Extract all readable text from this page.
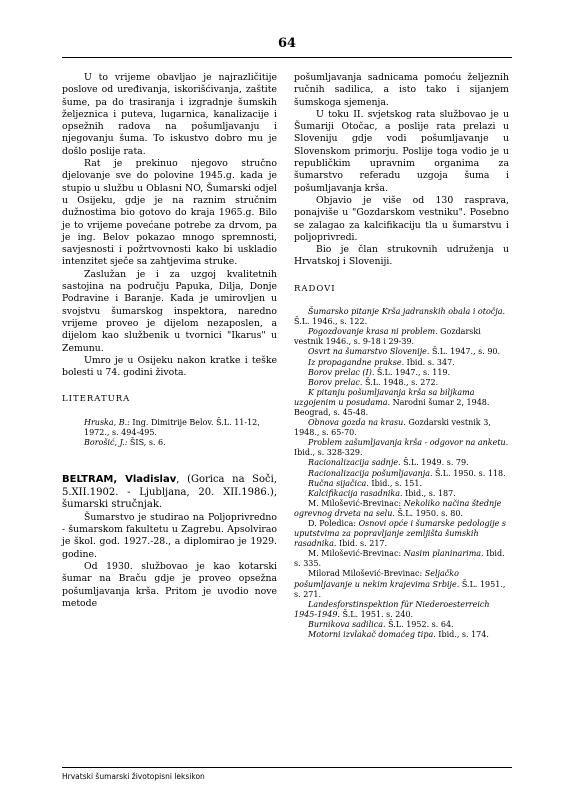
64

U to vrijeme obavljao je najrazličitije poslove od uređivanja, iskorišćivanja, zaštite šume, pa do trasiranja i izgradnje šumskih željeznica i puteva, lugarnica, kanalizacije i opsežnih radova na pošumljavanju i njegovanju šuma. To iskustvo dobro mu je došlo poslije rata.

Rat je prekinuo njegovo stručno djelovanje sve do polovine 1945.g. kada je stupio u službu u Oblasni NO, Šumarski odjel u Osijeku, gdje je na raznim stručnim dužnostima bio gotovo do kraja 1965.g. Bilo je to vrijeme povećane potrebe za drvom, pa je ing. Belov pokazao mnogo spremnosti, savjesnosti i požrtvovnosti kako bi uskladio intenzitet sječe sa zahtjevima struke.

Zaslužan je i za uzgoj kvalitetnih sastojina na području Papuka, Dilja, Donje Podravine i Baranje. Kada je umirovljen u svojstvu šumarskog inspektora, naredno vrijeme proveo je dijelom nezaposlen, a dijelom kao službenik u tvornici "Ikarus" u Zemunu.

Umro je u Osijeku nakon kratke i teške bolesti u 74. godini života.

LITERATURA

Hruska, B.: Ing. Dimitrije Belov. Š.L. 11-12, 1972., s. 494-495.

Borošić, J.: ŠIS, s. 6.

BELTRAM, Vladislav, (Gorica na Soči, 5.XII.1902. - Ljubljana, 20. XII.1986.), šumarski stručnjak.

Šumarstvo je studirao na Poljoprivredno - šumarskom fakultetu u Zagrebu. Apsolvirao je škol. god. 1927.-28., a diplomirao je 1929. godine.

Od 1930. službovao je kao kotarski šumar na Braču gdje je proveo opsežna pošumljavanja krša. Pritom je uvodio nove metode

pošumljavanja sadnicama pomoću željeznih ručnih sadilica, a isto tako i sijanjem šumskoga sjemenja.

U toku II. svjetskog rata službovao je u Šumariji Otočac, a poslije rata prelazi u Sloveniju gdje vodi pošumljavanje u Slovenskom primorju. Poslije toga vodio je u republičkim upravnim organima za šumarstvo referadu uzgoja šuma i pošumljavanja krša.

Objavio je više od 130 rasprava, ponajviše u "Gozdarskom vestniku". Posebno se zalagao za kalcifikaciju tla u šumarstvu i poljoprivredi.

Bio je član strukovnih udruženja u Hrvatskoj i Sloveniji.

RADOVI

Šumarsko pitanje Krša jadranskih obala i otočja. Š.L. 1946., s. 122.

Pogozdovanje krasa ni problem. Gozdarski vestnik 1946., s. 9-18 i 29-39.

Osvrt na šumarstvo Slovenije. Š.L. 1947., s. 90.

Iz propagandne prakse. Ibid. s. 347.

Borov prelac (I). Š.L. 1947., s. 119.

Borov prelac. Š.L. 1948., s. 272.

K pitanju pošumljavanja krša sa biljkama uzgojenim u posudama. Narodni šumar 2, 1948. Beograd, s. 45-48.

Obnova gozda na krasu. Gozdarski vestnik 3, 1948., s. 65-70.

Problem zašumljavanja krša - odgovor na anketu. Ibid., s. 328-329.

Racionalizacija sadnje. Š.L. 1949. s. 79.

Racionalizacija pošumljavanja. Š.L. 1950. s. 118.

Ručna sijačica. Ibid., s. 151.

Kalcifikacija rasadnika. Ibid., s. 187.

M. Milošević-Brevinac: Nekoliko načina štednje ogrevnog drveta na selu. Š.L. 1950. s. 80.

D. Poledica: Osnovi opće i šumarske pedologije s uputstvima za popravljanje zemljišta šumskih rasadnika. Ibid. s. 217.

M. Milošević-Brevinac: Nasim planinarima. Ibid. s. 335.

Milorad Milošević-Brevinac: Seljačko pošumljavanje u nekim krajevima Srbije. Š.L. 1951., s. 271.

Landesforstinspektion für Niederoesterreich 1945-1949. Š.L. 1951. s. 240.

Burnikova sadilica. Š.L. 1952. s. 64.

Motorni izvlakač domaćeg tipa. Ibid., s. 174.

Hrvatski šumarski životopisni leksikon
